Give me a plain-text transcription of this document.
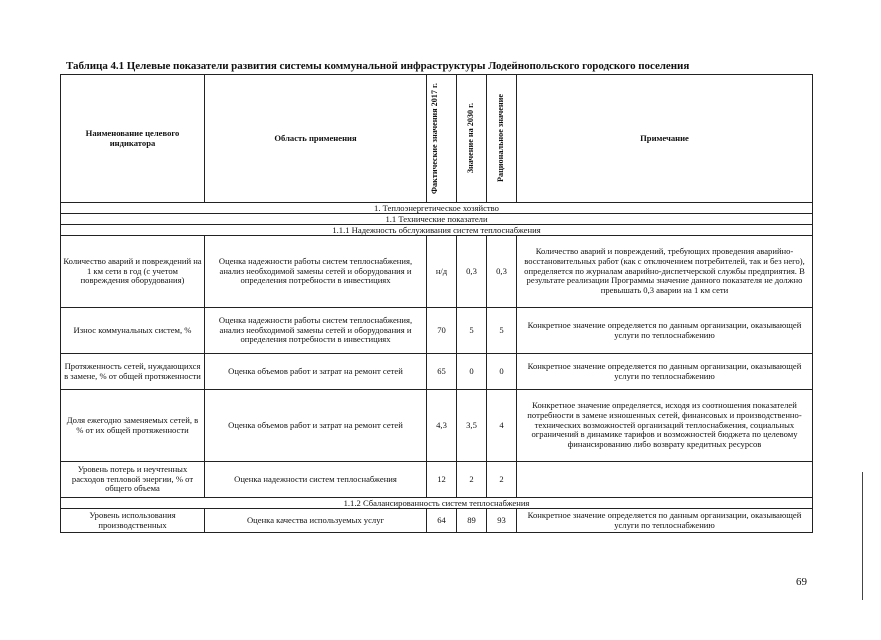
Таблица 4.1 Целевые показатели развития системы коммунальной инфраструктуры Лодейнопольского городского поселения
Наименование целевого индикатора	Область применения	Фактические значения 2017 г.	Значение на 2030 г.	Рациональное значение	Примечание
1. Теплоэнергетическое хозяйство					
1.1 Технические показатели					
1.1.1 Надежность обслуживания систем теплоснабжения					
Количество аварий и повреждений на 1 км сети в год (с учетом повреждения оборудования)	Оценка надежности работы систем теплоснабжения, анализ необходимой замены сетей и оборудования и определения потребности в инвестициях	н/д	0,3	0,3	Количество аварий и повреждений, требующих проведения аварийно-восстановительных работ (как с отключением потребителей, так и без него), определяется по журналам аварийно-диспетчерской службы предприятия. В результате реализации Программы значение данного показателя не должно превышать 0,3 аварии на 1 км сети
Износ коммунальных систем, %	Оценка надежности работы систем теплоснабжения, анализ необходимой замены сетей и оборудования и определения потребности в инвестициях	70	5	5	Конкретное значение определяется по данным организации, оказывающей услуги по теплоснабжению
Протяженность сетей, нуждающихся в замене, % от общей протяженности	Оценка объемов работ и затрат на ремонт сетей	65	0	0	Конкретное значение определяется по данным организации, оказывающей услуги по теплоснабжению
Доля ежегодно заменяемых сетей, в % от их общей протяженности	Оценка объемов работ и затрат на ремонт сетей	4,3	3,5	4	Конкретное значение определяется, исходя из соотношения показателей потребности в замене изношенных сетей, финансовых и производственно-технических возможностей организаций теплоснабжения, социальных ограничений в динамике тарифов и возможностей бюджета по целевому финансированию либо возврату кредитных ресурсов
Уровень потерь и неучтенных расходов тепловой энергии, % от общего объема	Оценка надежности систем теплоснабжения	12	2	2	
1.1.2 Сбалансированность систем теплоснабжения					
Уровень использования производственных	Оценка качества используемых услуг	64	89	93	Конкретное значение определяется по данным организации, оказывающей услуги по теплоснабжению
69
